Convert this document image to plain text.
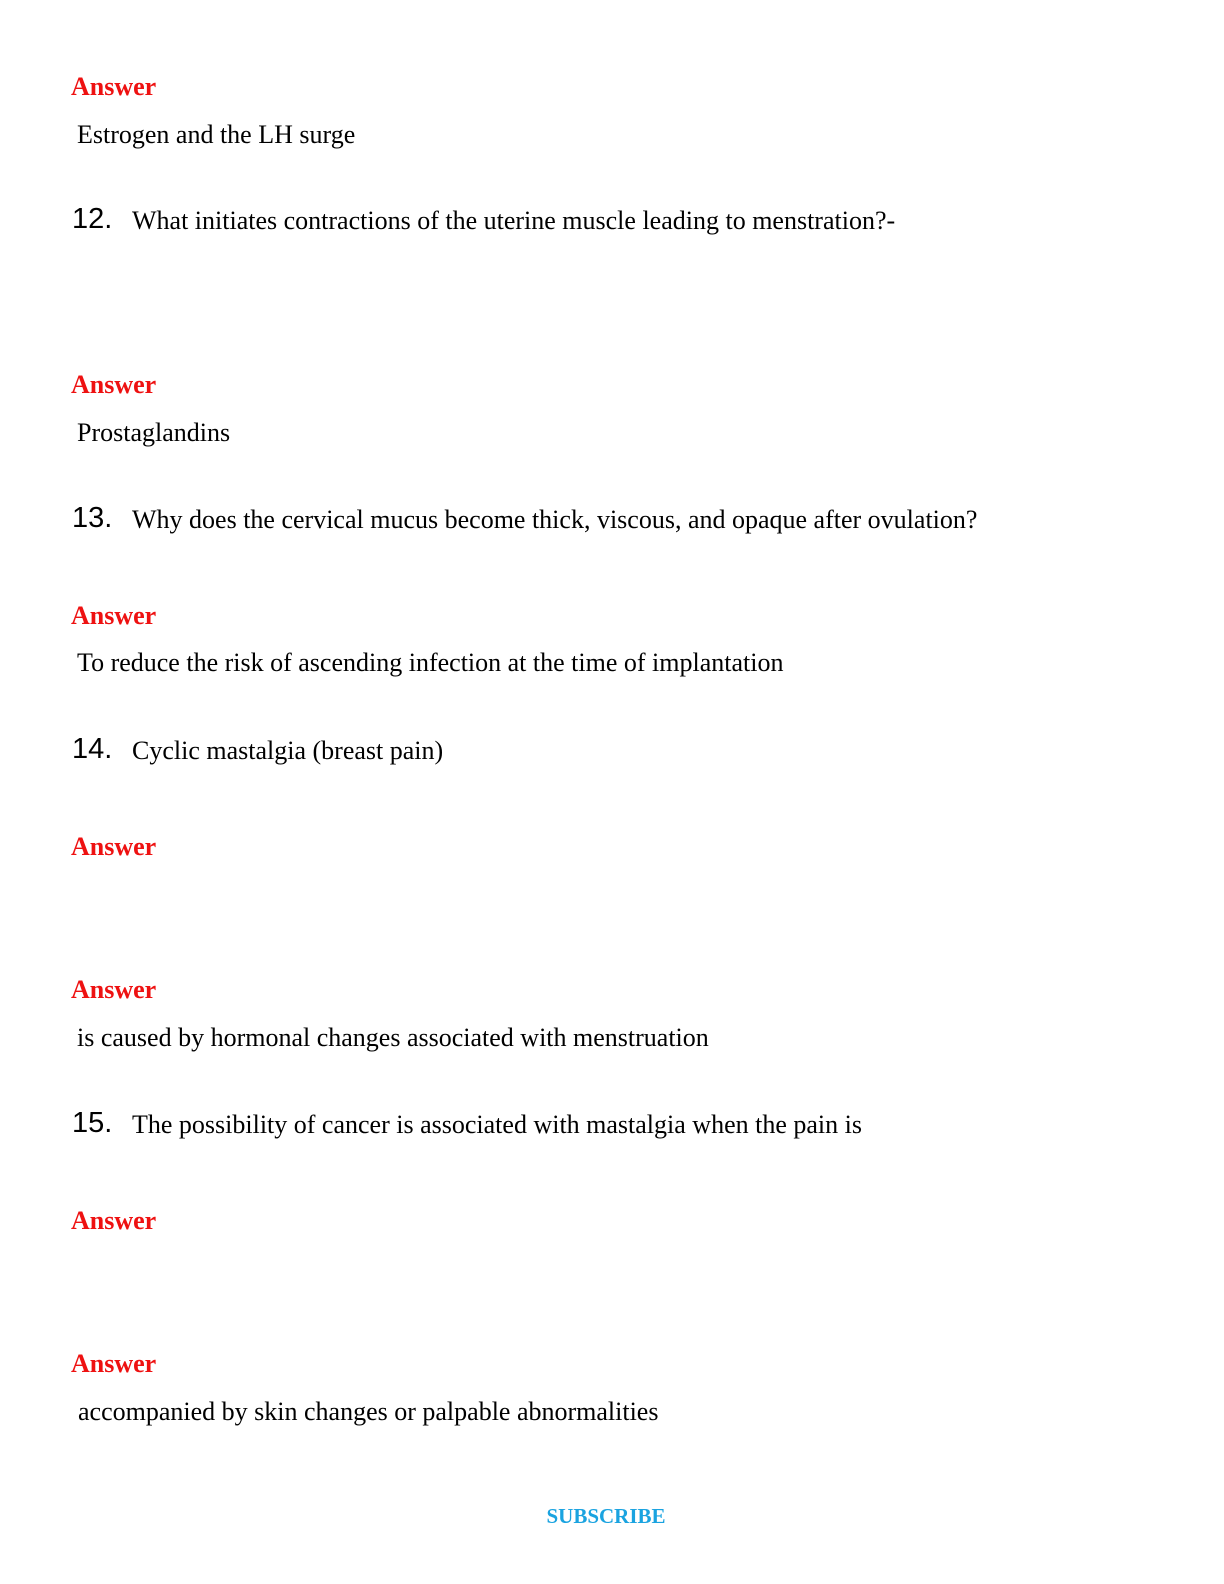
Answer
Estrogen and the LH surge
12. What initiates contractions of the uterine muscle leading to menstration?-
Answer
Prostaglandins
13. Why does the cervical mucus become thick, viscous, and opaque after ovulation?
Answer
To reduce the risk of ascending infection at the time of implantation
14. Cyclic mastalgia (breast pain)
Answer
Answer
is caused by hormonal changes associated with menstruation
15. The possibility of cancer is associated with mastalgia when the pain is
Answer
Answer
accompanied by skin changes or palpable abnormalities
SUBSCRIBE
